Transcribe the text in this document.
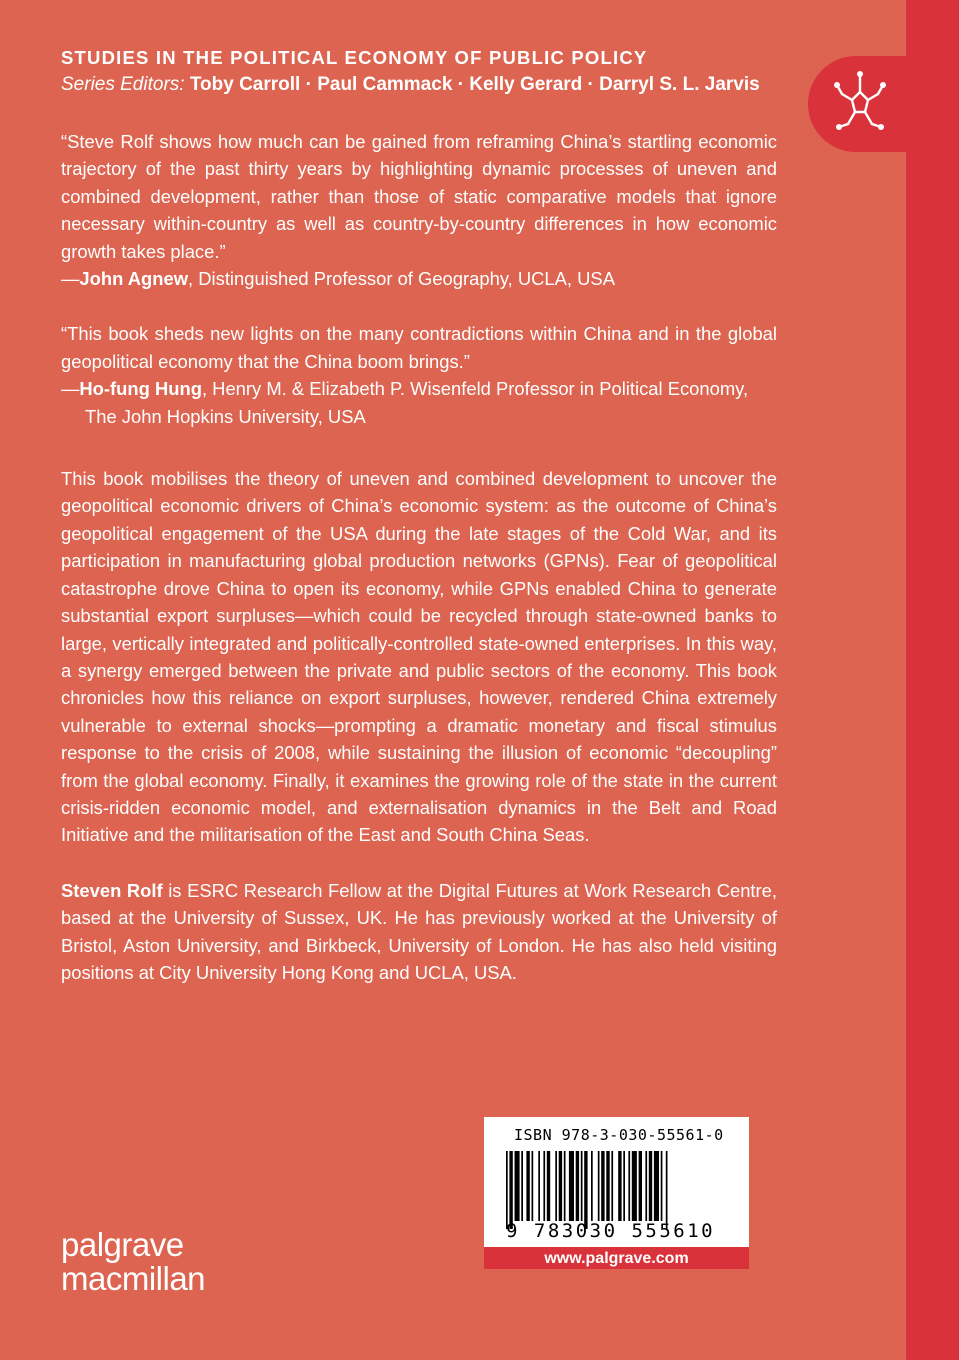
STUDIES IN THE POLITICAL ECONOMY OF PUBLIC POLICY
Series Editors: Toby Carroll · Paul Cammack · Kelly Gerard · Darryl S. L. Jarvis
“Steve Rolf shows how much can be gained from reframing China’s startling economic trajectory of the past thirty years by highlighting dynamic processes of uneven and combined development, rather than those of static comparative models that ignore necessary within-country as well as country-by-country differences in how economic growth takes place.”
—John Agnew, Distinguished Professor of Geography, UCLA, USA
“This book sheds new lights on the many contradictions within China and in the global geopolitical economy that the China boom brings.”
—Ho-fung Hung, Henry M. & Elizabeth P. Wisenfeld Professor in Political Economy, The John Hopkins University, USA
This book mobilises the theory of uneven and combined development to uncover the geopolitical economic drivers of China’s economic system: as the outcome of China’s geopolitical engagement of the USA during the late stages of the Cold War, and its participation in manufacturing global production networks (GPNs). Fear of geopolitical catastrophe drove China to open its economy, while GPNs enabled China to generate substantial export surpluses—which could be recycled through state-owned banks to large, vertically integrated and politically-controlled state-owned enterprises. In this way, a synergy emerged between the private and public sectors of the economy. This book chronicles how this reliance on export surpluses, however, rendered China extremely vulnerable to external shocks—prompting a dramatic monetary and fiscal stimulus response to the crisis of 2008, while sustaining the illusion of economic “decoupling” from the global economy. Finally, it examines the growing role of the state in the current crisis-ridden economic model, and externalisation dynamics in the Belt and Road Initiative and the militarisation of the East and South China Seas.
Steven Rolf is ESRC Research Fellow at the Digital Futures at Work Research Centre, based at the University of Sussex, UK. He has previously worked at the University of Bristol, Aston University, and Birkbeck, University of London. He has also held visiting positions at City University Hong Kong and UCLA, USA.
ISBN 978-3-030-55561-0
9 783030 555610
www.palgrave.com
palgrave
macmillan
